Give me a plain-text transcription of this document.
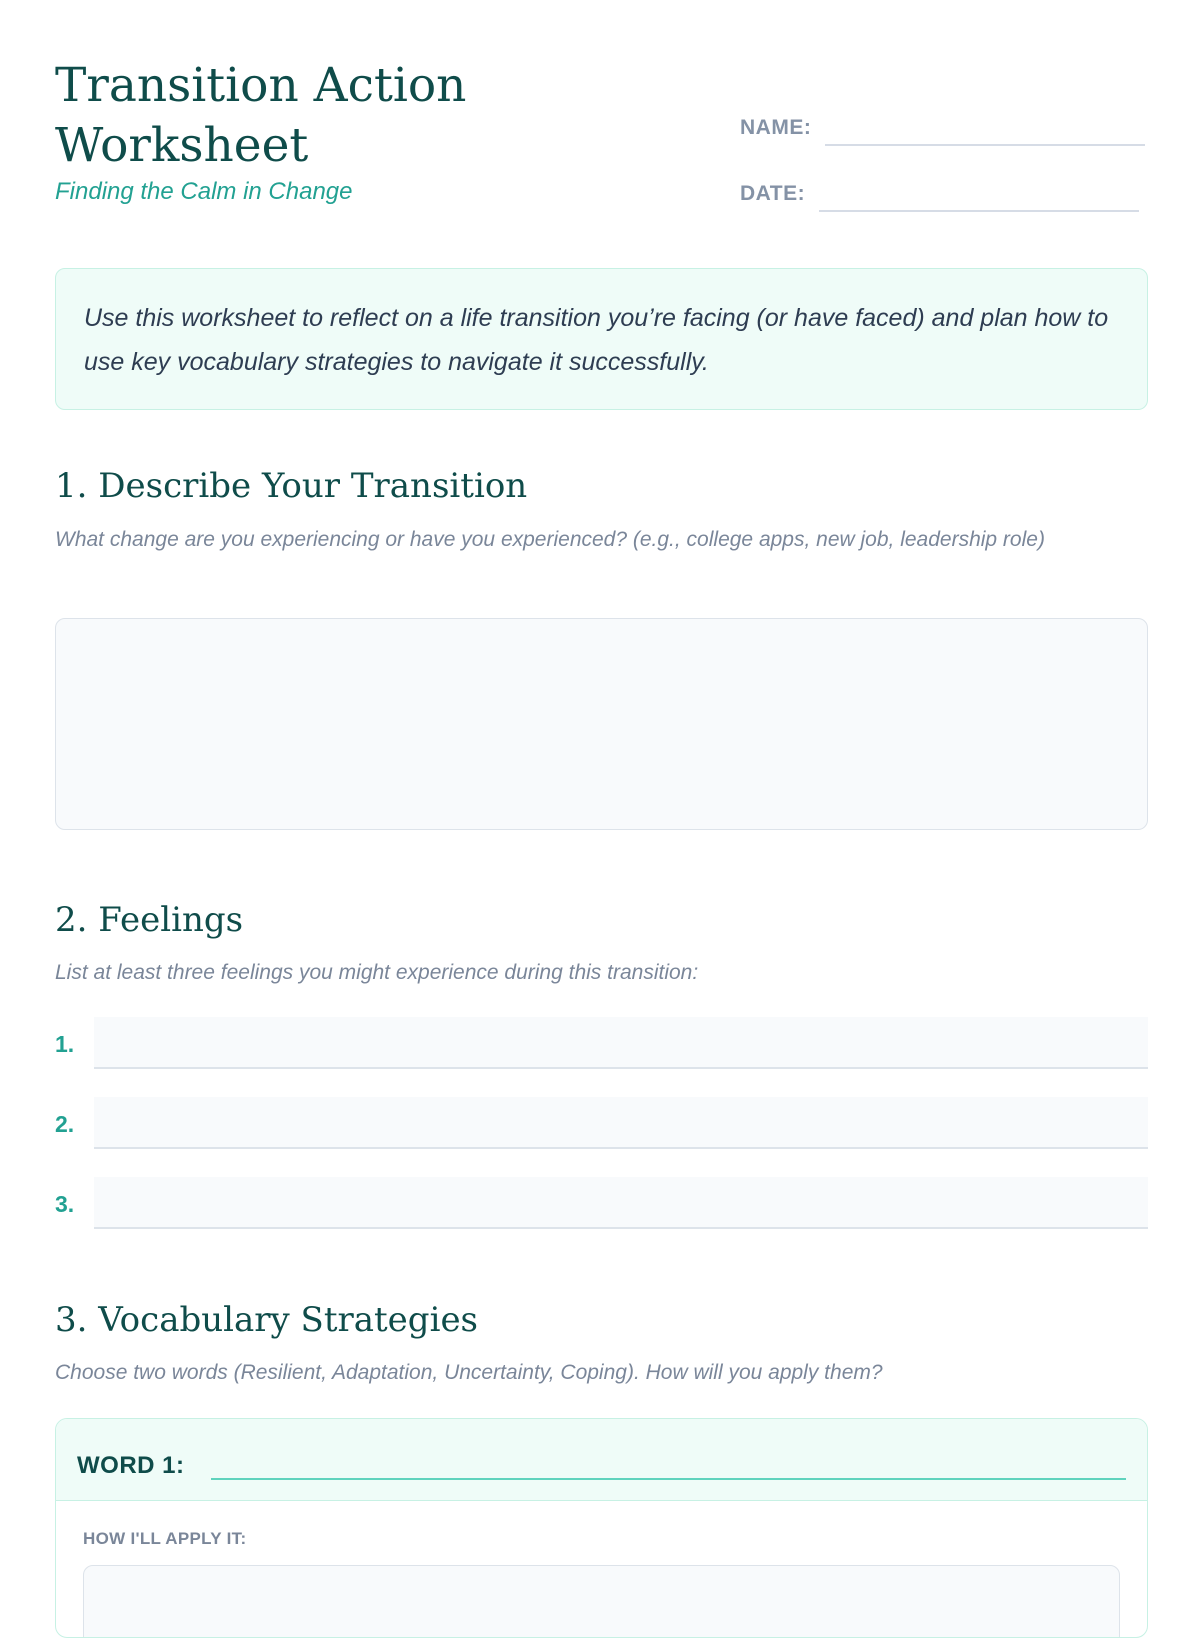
Transition Action Worksheet

Finding the Calm in Change

NAME:
DATE:

Use this worksheet to reflect on a life transition you’re facing (or have faced) and plan how to use key vocabulary strategies to navigate it successfully.

1. Describe Your Transition

What change are you experiencing or have you experienced? (e.g., college apps, new job, leadership role)

2. Feelings

List at least three feelings you might experience during this transition:

1.
2.
3.
3. Vocabulary Strategies

Choose two words (Resilient, Adaptation, Uncertainty, Coping). How will you apply them?

WORD 1:
HOW I'LL APPLY IT:
